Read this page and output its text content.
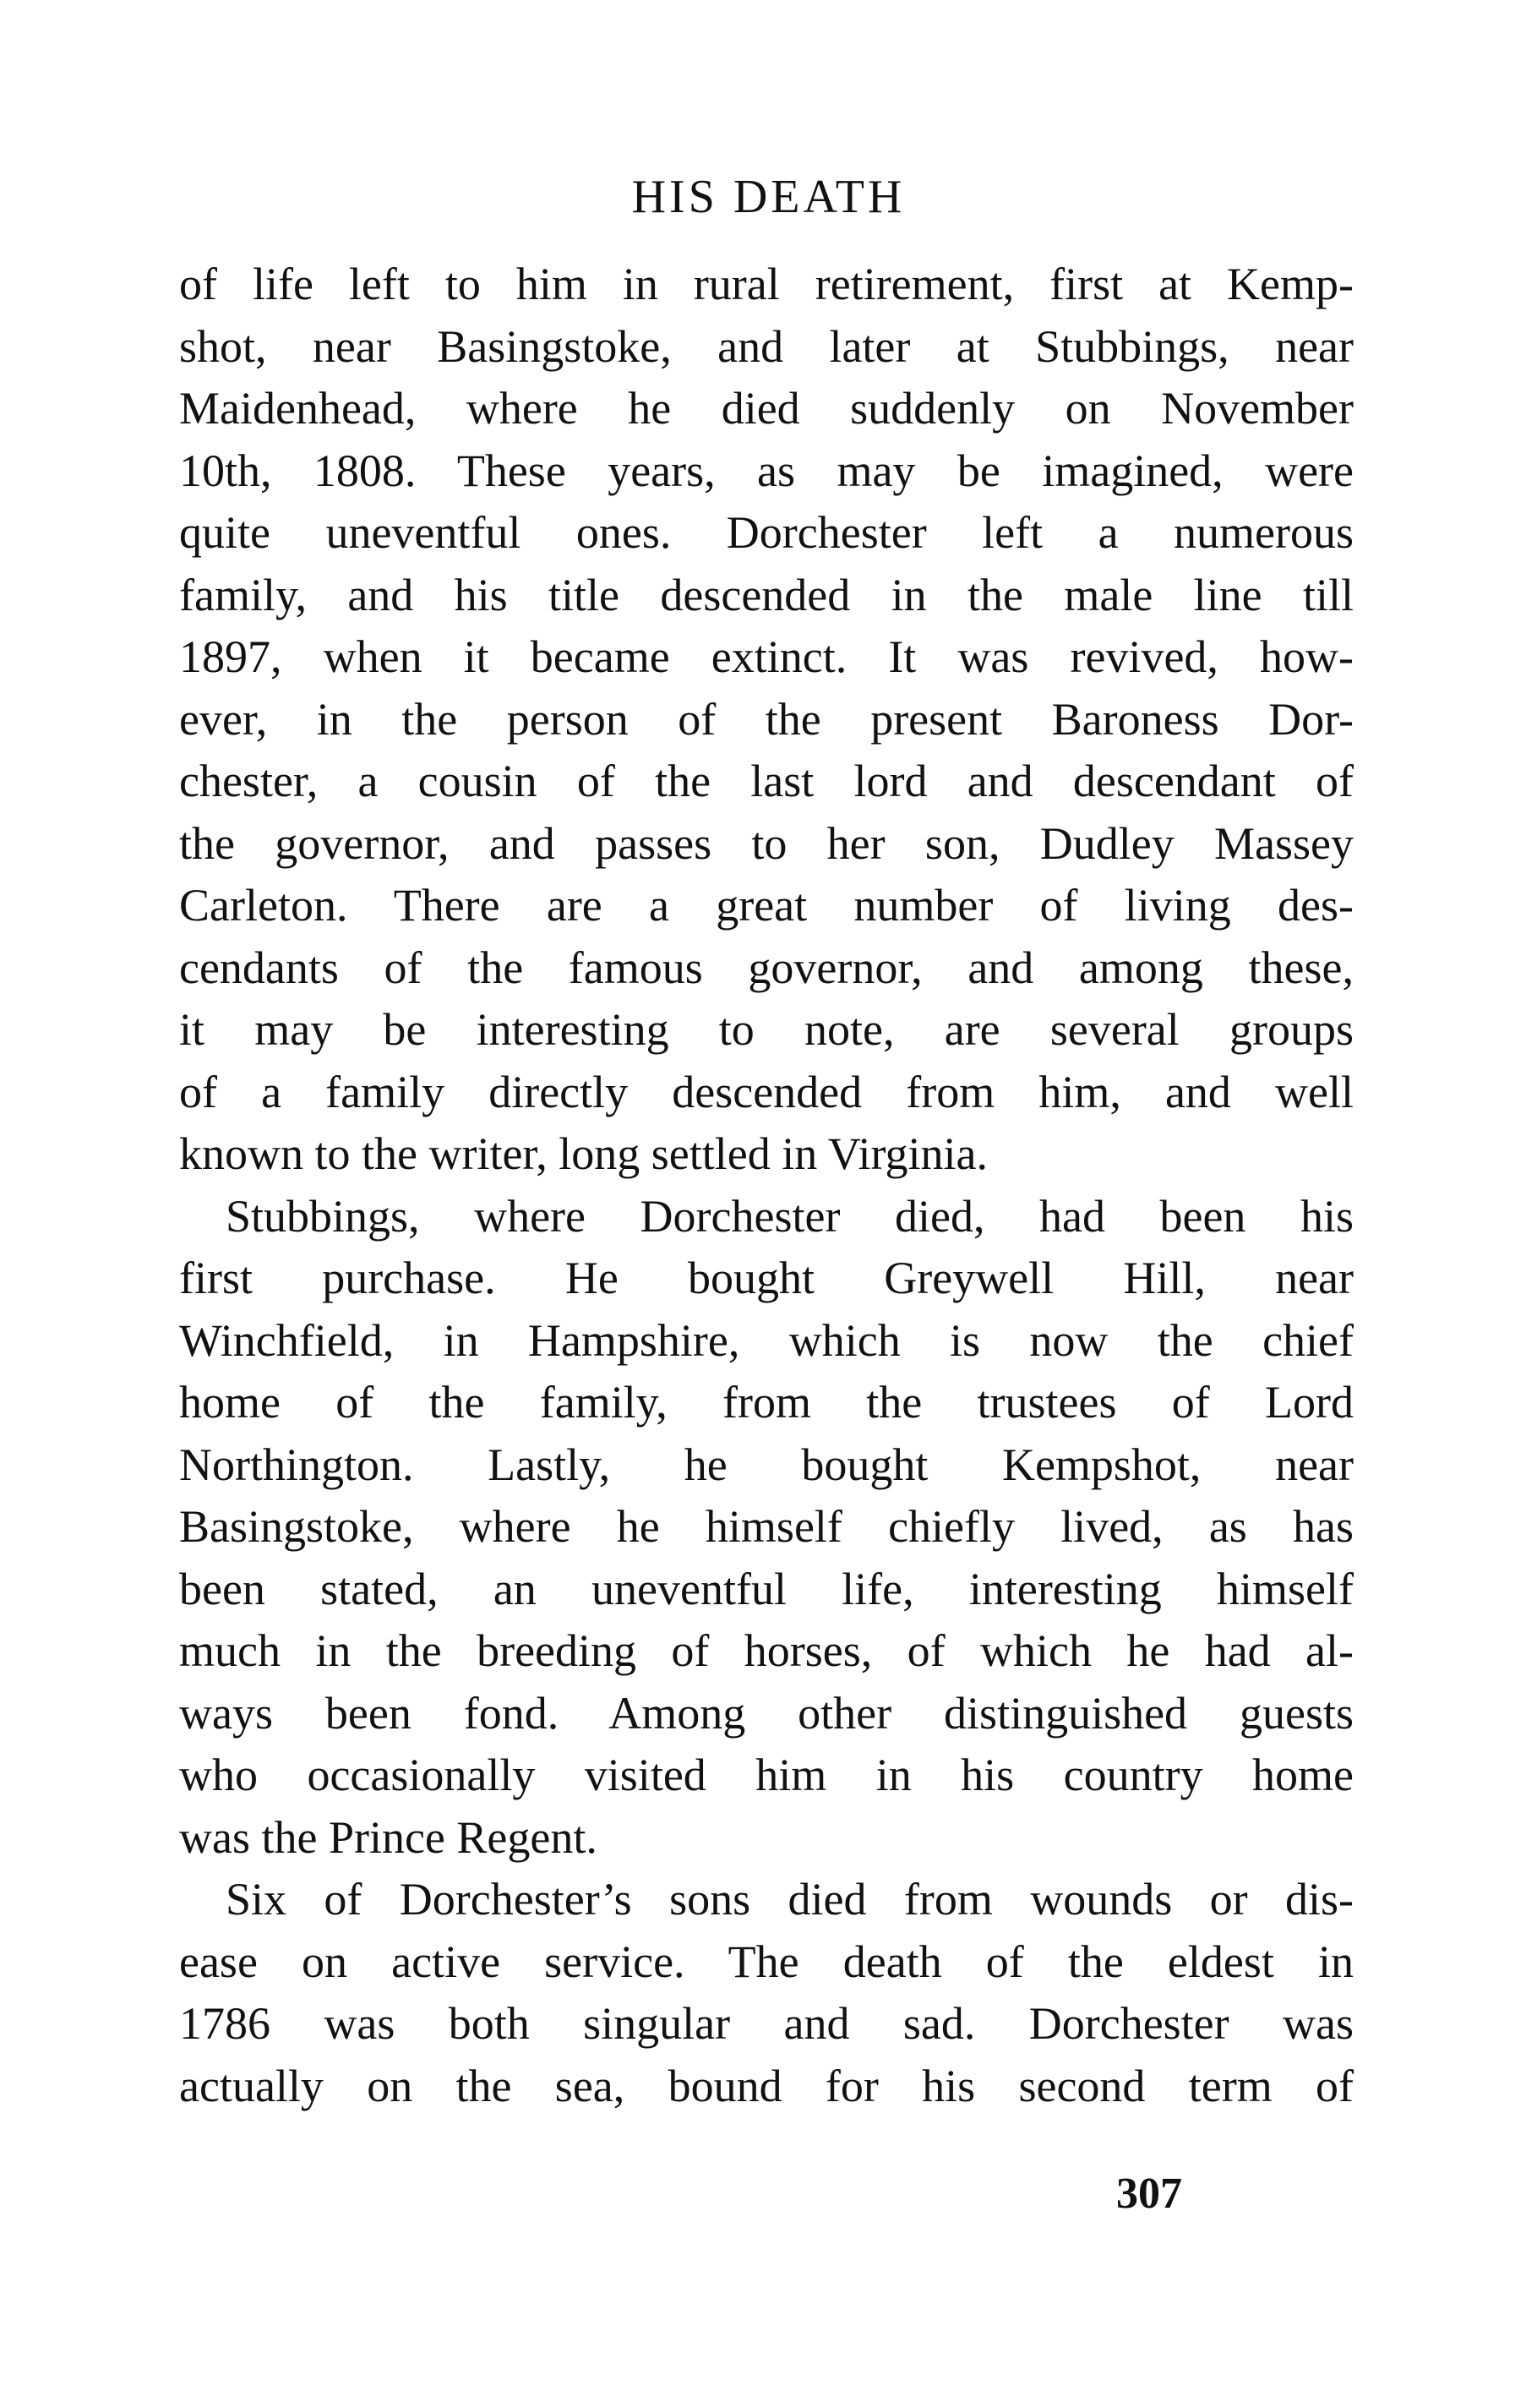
HIS DEATH
of life left to him in rural retirement, first at Kemp-
shot, near Basingstoke, and later at Stubbings, near
Maidenhead, where he died suddenly on November
10th, 1808. These years, as may be imagined, were
quite uneventful ones. Dorchester left a numerous
family, and his title descended in the male line till
1897, when it became extinct. It was revived, how-
ever, in the person of the present Baroness Dor-
chester, a cousin of the last lord and descendant of
the governor, and passes to her son, Dudley Massey
Carleton. There are a great number of living des-
cendants of the famous governor, and among these,
it may be interesting to note, are several groups
of a family directly descended from him, and well
known to the writer, long settled in Virginia.
Stubbings, where Dorchester died, had been his
first purchase. He bought Greywell Hill, near
Winchfield, in Hampshire, which is now the chief
home of the family, from the trustees of Lord
Northington. Lastly, he bought Kempshot, near
Basingstoke, where he himself chiefly lived, as has
been stated, an uneventful life, interesting himself
much in the breeding of horses, of which he had al-
ways been fond. Among other distinguished guests
who occasionally visited him in his country home
was the Prince Regent.
Six of Dorchester’s sons died from wounds or dis-
ease on active service. The death of the eldest in
1786 was both singular and sad. Dorchester was
actually on the sea, bound for his second term of
307
